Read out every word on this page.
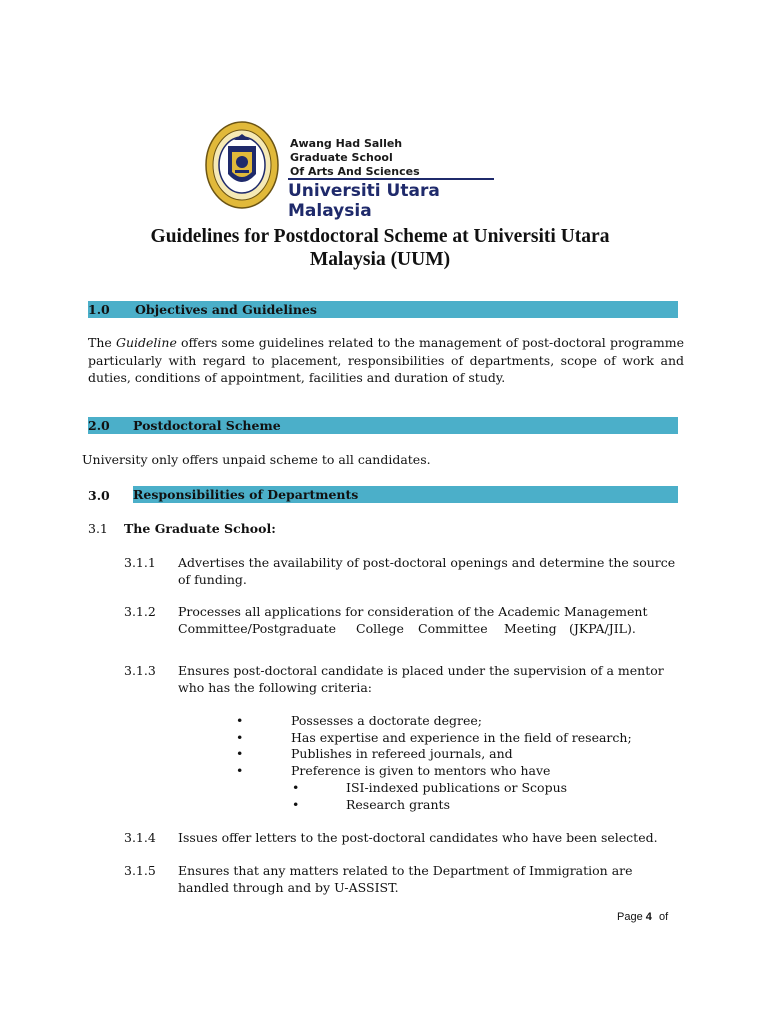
Awang Had Salleh
Graduate School
Of Arts And Sciences
Universiti Utara Malaysia
Guidelines for Postdoctoral Scheme at Universiti Utara
Malaysia (UUM)
1.0 Objectives and Guidelines
The Guideline offers some guidelines related to the management of post-doctoral programme particularly with regard to placement, responsibilities of departments, scope of work and duties, conditions of appointment, facilities and duration of study.
2.0 Postdoctoral Scheme
University only offers unpaid scheme to all candidates.
3.0 Responsibilities of Departments
3.1 The Graduate School:
3.1.1 Advertises the availability of post-doctoral openings and determine the source
of funding.
3.1.2 Processes all applications for consideration of the Academic Management
Committee/Postgraduate College Committee Meeting (JKPA/JIL).
3.1.3 Ensures post-doctoral candidate is placed under the supervision of a mentor
who has the following criteria:
•	Possesses a doctorate degree;
•	Has expertise and experience in the field of research;
•	Publishes in refereed journals, and
•	Preference is given to mentors who have
•	ISI-indexed publications or Scopus
•	Research grants
3.1.4 Issues offer letters to the post-doctoral candidates who have been selected.
3.1.5 Ensures that any matters related to the Department of Immigration are
handled through and by U-ASSIST.
Page 4 of
